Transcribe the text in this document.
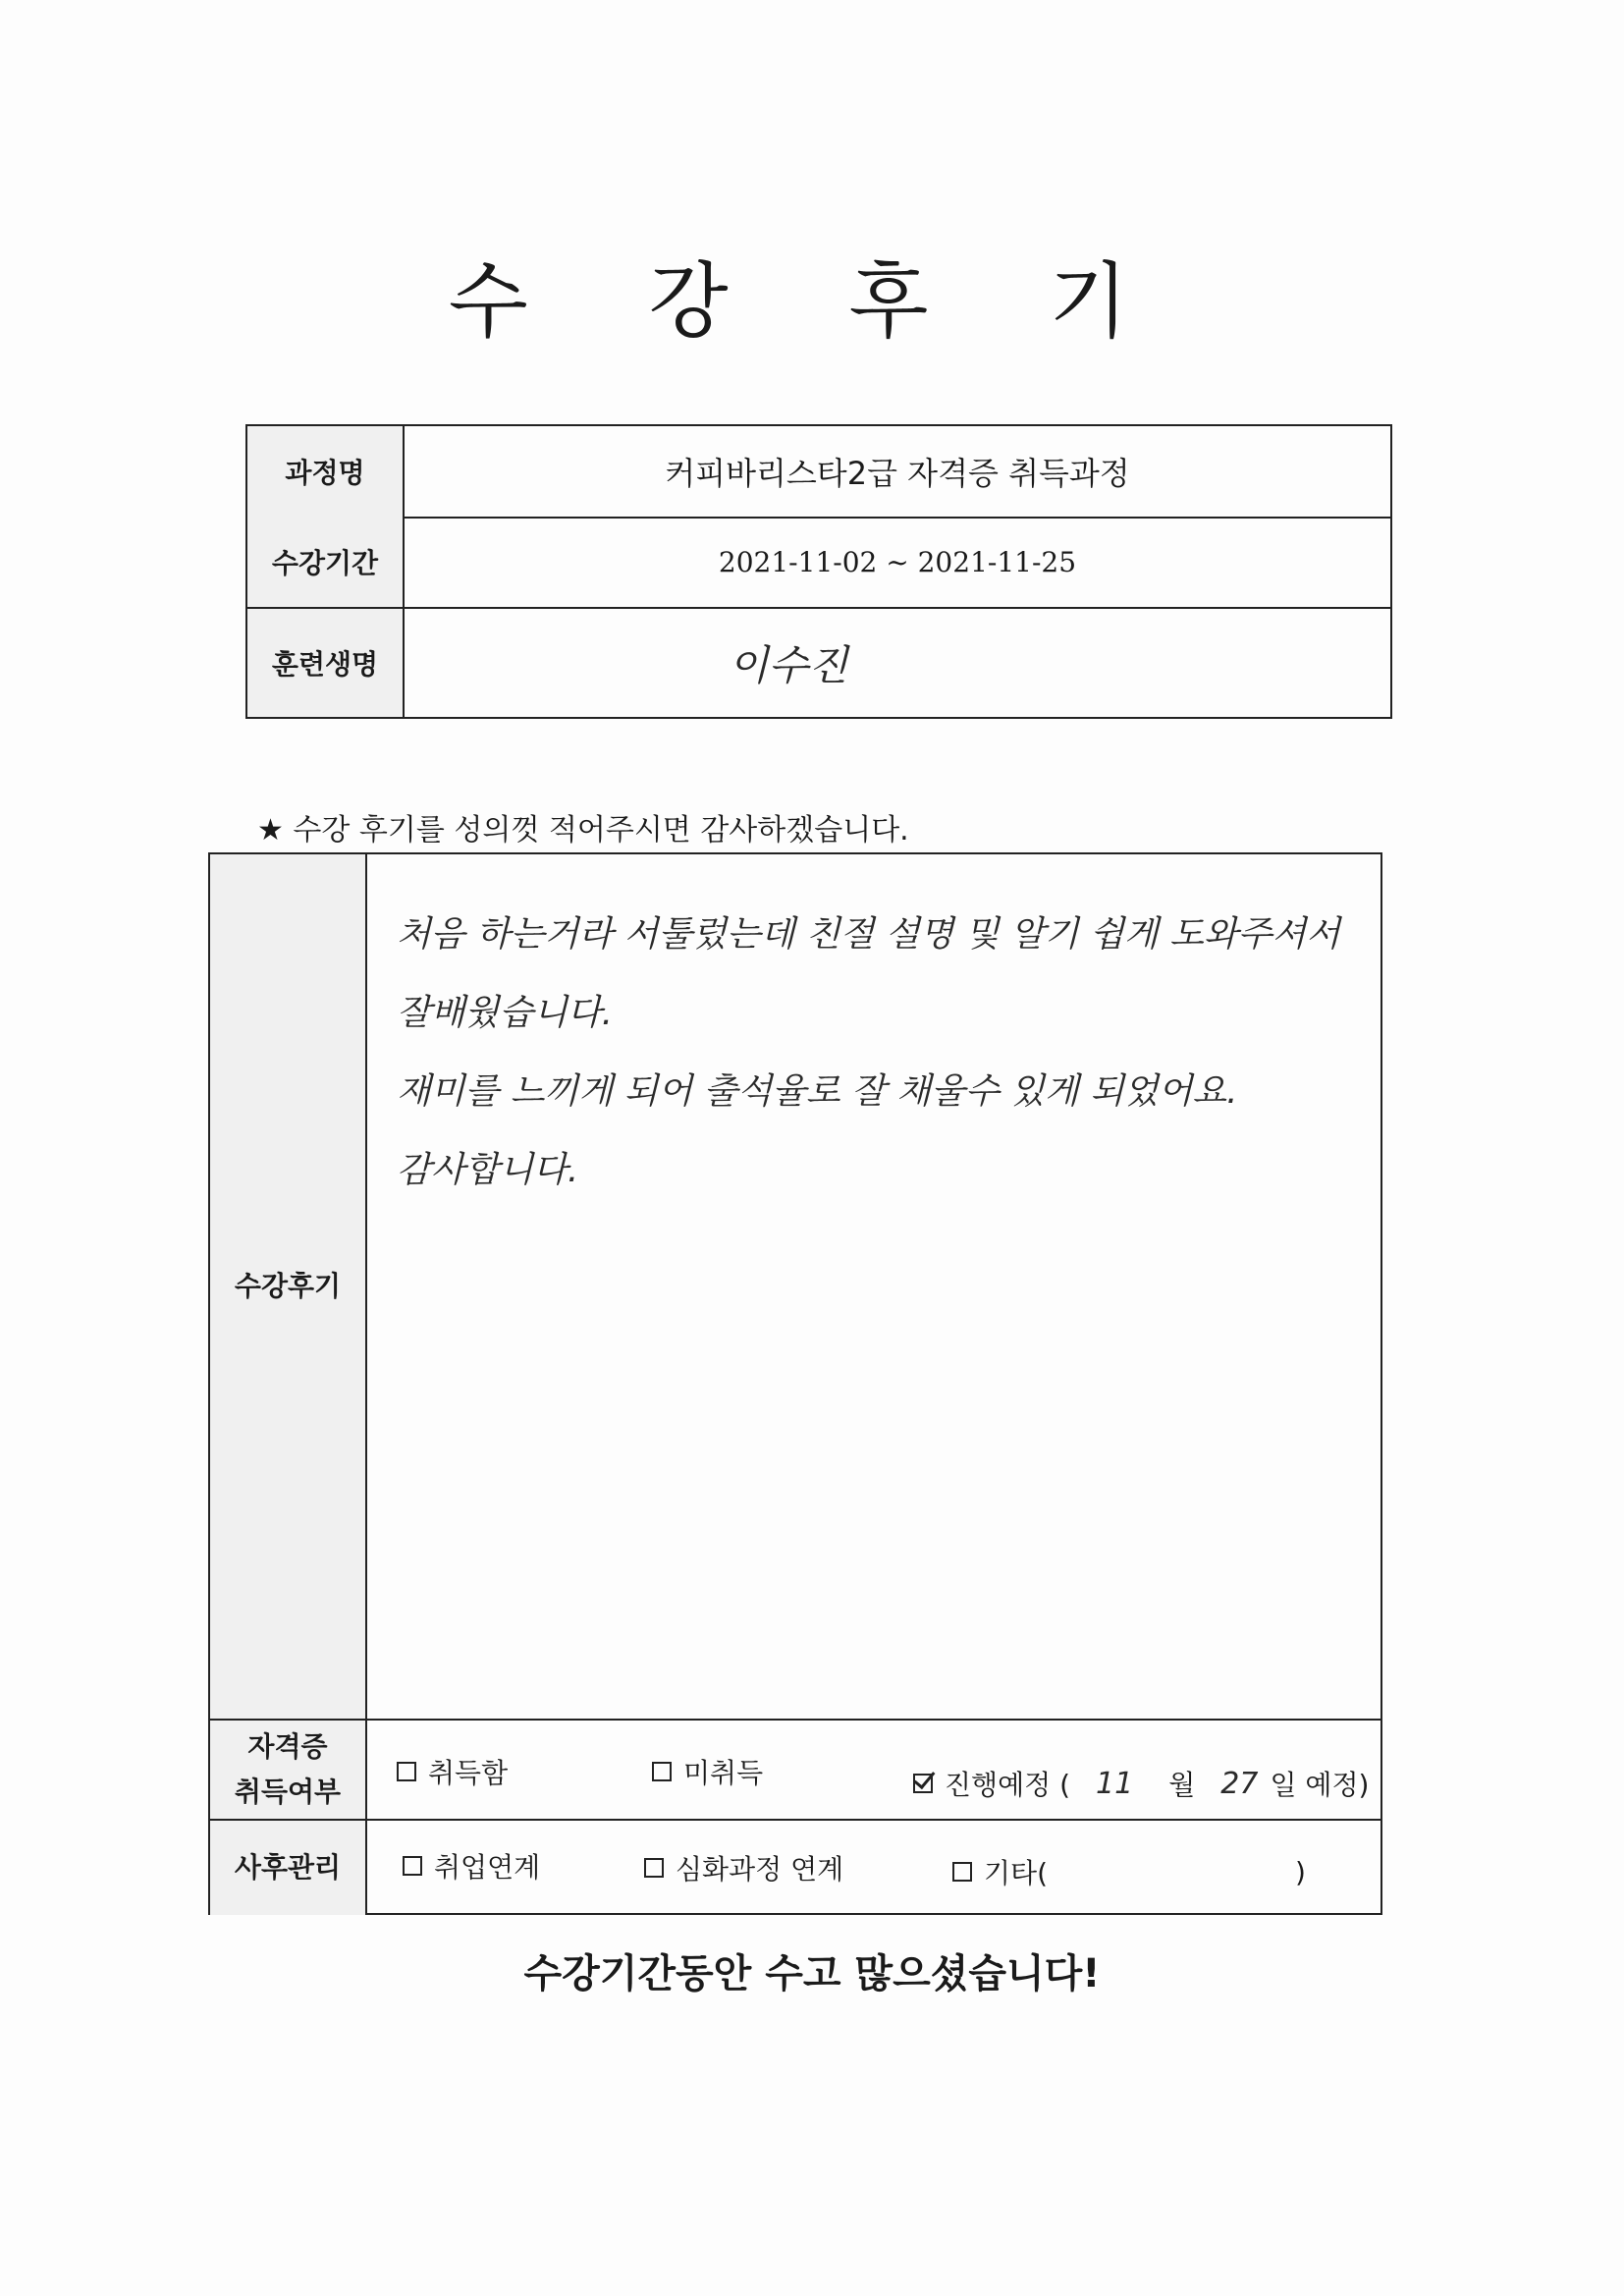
수 강 후 기
과정명	커피바리스타2급 자격증 취득과정
수강기간	2021-11-02 ~ 2021-11-25
훈련생명	이수진
★ 수강 후기를 성의껏 적어주시면 감사하겠습니다.
수강후기
처음 하는거라 서툴렀는데 친절 설명 및 알기 쉽게 도와주셔서 잘배웠습니다.
재미를 느끼게 되어 출석율로 잘 채울수 있게 되었어요.
감사합니다.
자격증
취득여부
취득함	미취득	진행예정 ( 11 월 27 일 예정)
사후관리	취업연계	심화과정 연계	기타(	)
수강기간동안 수고 많으셨습니다!
